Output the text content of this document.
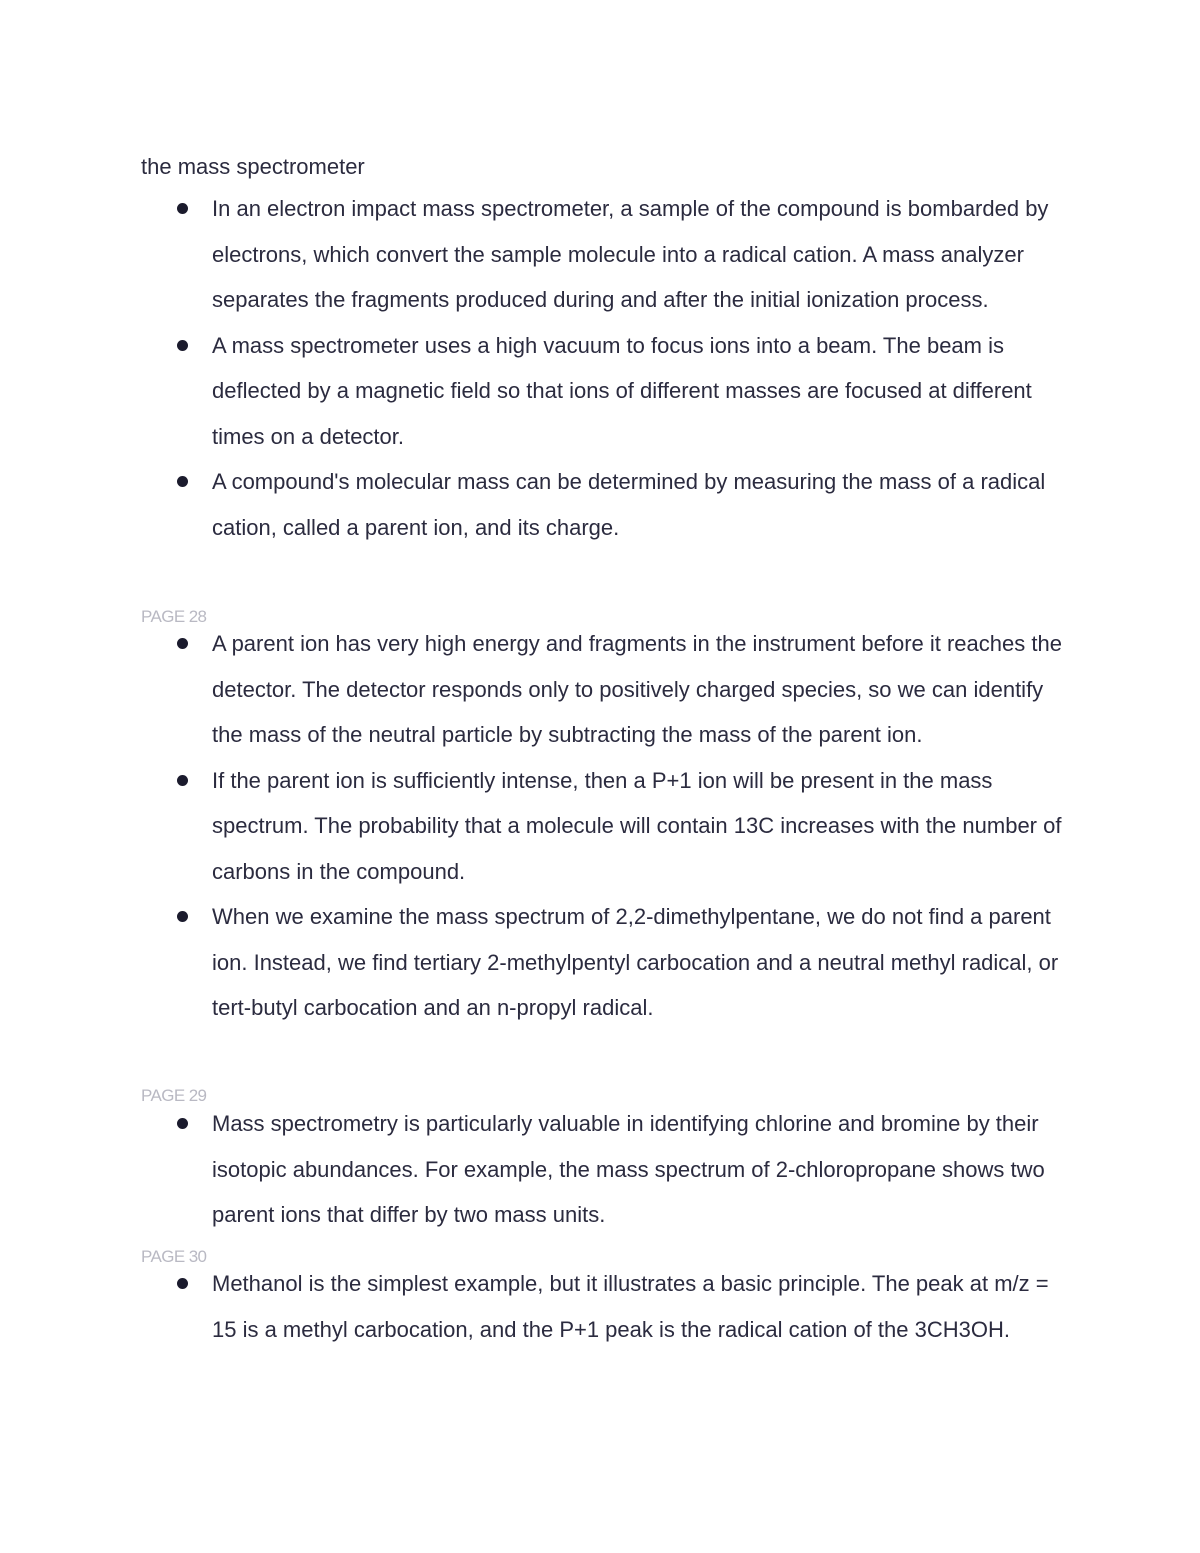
the mass spectrometer

In an electron impact mass spectrometer, a sample of the compound is bombarded by electrons, which convert the sample molecule into a radical cation. A mass analyzer separates the fragments produced during and after the initial ionization process.

A mass spectrometer uses a high vacuum to focus ions into a beam. The beam is deflected by a magnetic field so that ions of different masses are focused at different times on a detector.

A compound's molecular mass can be determined by measuring the mass of a radical cation, called a parent ion, and its charge.

PAGE 28

A parent ion has very high energy and fragments in the instrument before it reaches the detector. The detector responds only to positively charged species, so we can identify the mass of the neutral particle by subtracting the mass of the parent ion.

If the parent ion is sufficiently intense, then a P+1 ion will be present in the mass spectrum. The probability that a molecule will contain 13C increases with the number of carbons in the compound.

When we examine the mass spectrum of 2,2-dimethylpentane, we do not find a parent ion. Instead, we find tertiary 2-methylpentyl carbocation and a neutral methyl radical, or tert-butyl carbocation and an n-propyl radical.

PAGE 29

Mass spectrometry is particularly valuable in identifying chlorine and bromine by their isotopic abundances. For example, the mass spectrum of 2-chloropropane shows two parent ions that differ by two mass units.

PAGE 30

Methanol is the simplest example, but it illustrates a basic principle. The peak at m/z = 15 is a methyl carbocation, and the P+1 peak is the radical cation of the 3CH3OH.
